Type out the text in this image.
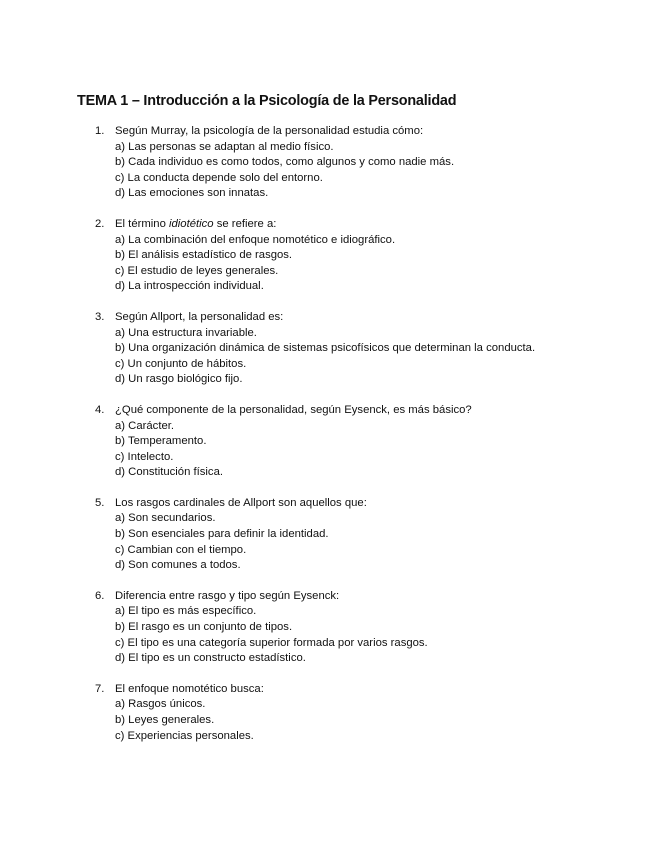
TEMA 1 – Introducción a la Psicología de la Personalidad
1. Según Murray, la psicología de la personalidad estudia cómo:
a) Las personas se adaptan al medio físico.
b) Cada individuo es como todos, como algunos y como nadie más.
c) La conducta depende solo del entorno.
d) Las emociones son innatas.
2. El término idiotético se refiere a:
a) La combinación del enfoque nomotético e idiográfico.
b) El análisis estadístico de rasgos.
c) El estudio de leyes generales.
d) La introspección individual.
3. Según Allport, la personalidad es:
a) Una estructura invariable.
b) Una organización dinámica de sistemas psicofísicos que determinan la conducta.
c) Un conjunto de hábitos.
d) Un rasgo biológico fijo.
4. ¿Qué componente de la personalidad, según Eysenck, es más básico?
a) Carácter.
b) Temperamento.
c) Intelecto.
d) Constitución física.
5. Los rasgos cardinales de Allport son aquellos que:
a) Son secundarios.
b) Son esenciales para definir la identidad.
c) Cambian con el tiempo.
d) Son comunes a todos.
6. Diferencia entre rasgo y tipo según Eysenck:
a) El tipo es más específico.
b) El rasgo es un conjunto de tipos.
c) El tipo es una categoría superior formada por varios rasgos.
d) El tipo es un constructo estadístico.
7. El enfoque nomotético busca:
a) Rasgos únicos.
b) Leyes generales.
c) Experiencias personales.
